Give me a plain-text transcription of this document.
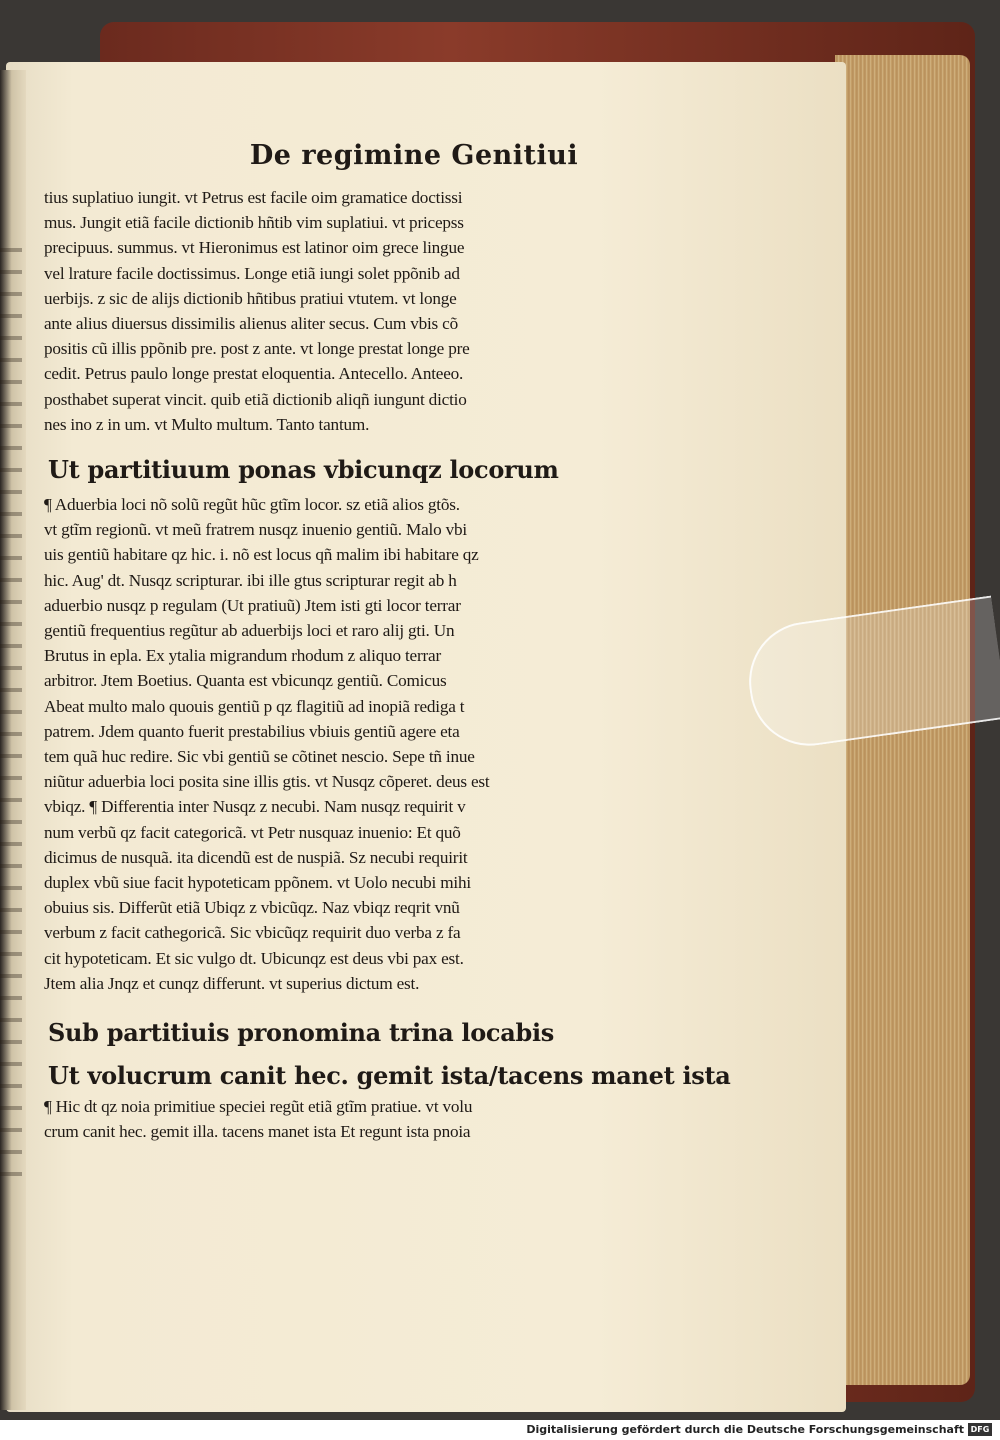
De regimine Genitiui
tius suplatiuo iungit. vt Petrus est facile oim gramatice doctissi
mus. Jungit etiã facile dictionib hñtib vim suplatiui. vt pricepss
precipuus. summus. vt Hieronimus est latinor oim grece lingue
vel lrature facile doctissimus. Longe etiã iungi solet ppõnib ad
uerbijs. z sic de alijs dictionib hñtibus pratiui vtutem. vt longe
ante alius diuersus dissimilis alienus aliter secus. Cum vbis cõ
positis cũ illis ppõnib pre. post z ante. vt longe prestat longe pre
cedit. Petrus paulo longe prestat eloquentia. Antecello. Anteeo.
posthabet superat vincit. quib etiã dictionib aliqñ iungunt dictio
nes ino z in um. vt Multo multum. Tanto tantum.
Ut partitiuum ponas vbicunqz locorum
¶ Aduerbia loci nõ solũ regũt hũc gtĩm locor. sz etiã alios gtõs.
vt gtĩm regionũ. vt meũ fratrem nusqz inuenio gentiũ. Malo vbi
uis gentiũ habitare qz hic. i. nõ est locus qñ malim ibi habitare qz
hic. Aug' dt. Nusqz scripturar. ibi ille gtus scripturar regit ab h
aduerbio nusqz p regulam (Ut pratiuũ) Jtem isti gti locor terrar
gentiũ frequentius regũtur ab aduerbijs loci et raro alij gti. Un
Brutus in epla. Ex ytalia migrandum rhodum z aliquo terrar
arbitror. Jtem Boetius. Quanta est vbicunqz gentiũ. Comicus
Abeat multo malo quouis gentiũ p qz flagitiũ ad inopiã rediga t
patrem. Jdem quanto fuerit prestabilius vbiuis gentiũ agere eta
tem quã huc redire. Sic vbi gentiũ se cõtinet nescio. Sepe tñ inue
niũtur aduerbia loci posita sine illis gtis. vt Nusqz cõperet. deus est
vbiqz. ¶ Differentia inter Nusqz z necubi. Nam nusqz requirit v
num verbũ qz facit categoricã. vt Petr nusquaz inuenio: Et quõ
dicimus de nusquã. ita dicendũ est de nuspiã. Sz necubi requirit
duplex vbũ siue facit hypoteticam ppõnem. vt Uolo necubi mihi
obuius sis. Differũt etiã Ubiqz z vbicũqz. Naz vbiqz reqrit vnũ
verbum z facit cathegoricã. Sic vbicũqz requirit duo verba z fa
cit hypoteticam. Et sic vulgo dt. Ubicunqz est deus vbi pax est.
Jtem alia Jnqz et cunqz differunt. vt superius dictum est.
Sub partitiuis pronomina trina locabis
Ut volucrum canit hec. gemit ista/tacens manet ista
¶ Hic dt qz noia primitiue speciei regũt etiã gtĩm pratiue. vt volu
crum canit hec. gemit illa. tacens manet ista Et regunt ista pnoia
Digitalisierung gefördert durch die Deutsche Forschungsgemeinschaft DFG
